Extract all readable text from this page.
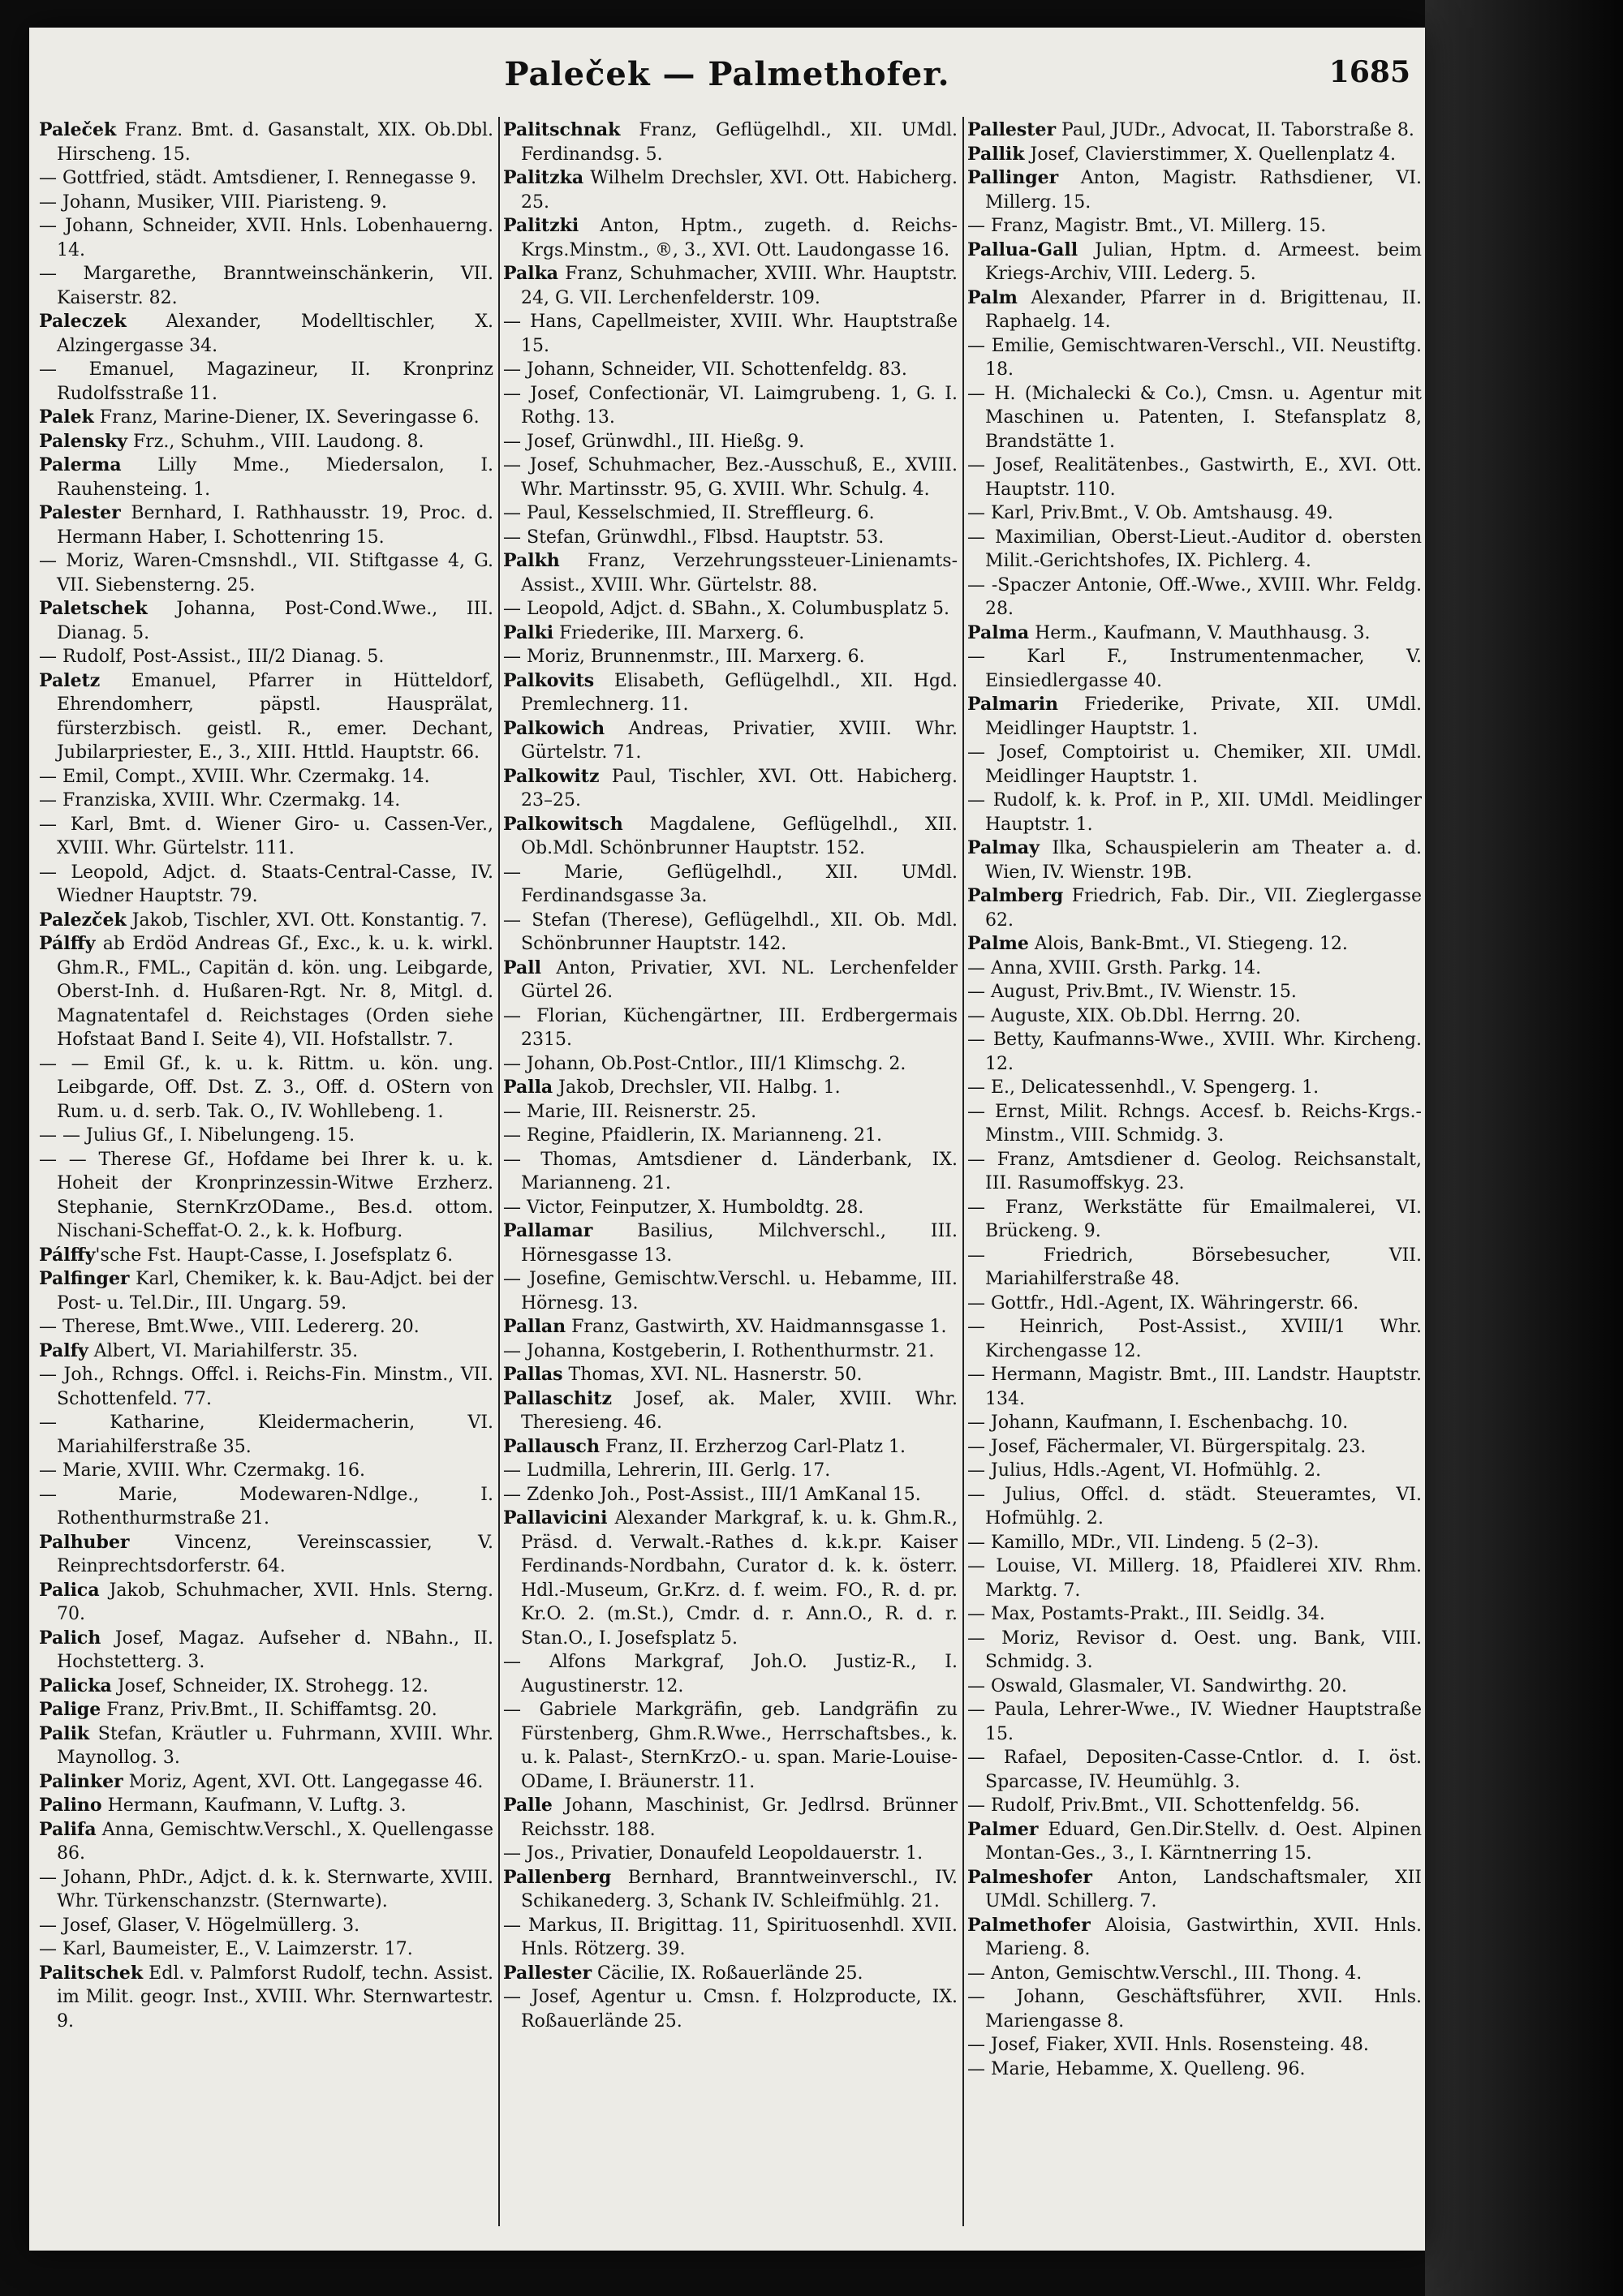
Paleček — Palmethofer.	1685

Paleček Franz. Bmt. d. Gasanstalt, XIX. Ob.Dbl. Hirscheng. 15.

— Gottfried, städt. Amtsdiener, I. Rennegasse 9.

— Johann, Musiker, VIII. Piaristeng. 9.

— Johann, Schneider, XVII. Hnls. Lobenhauerng. 14.

— Margarethe, Branntweinschänkerin, VII. Kaiserstr. 82.

Paleczek Alexander, Modelltischler, X. Alzingergasse 34.

— Emanuel, Magazineur, II. Kronprinz Rudolfsstraße 11.

Palek Franz, Marine-Diener, IX. Severingasse 6.

Palensky Frz., Schuhm., VIII. Laudong. 8.

Palerma Lilly Mme., Miedersalon, I. Rauhensteing. 1.

Palester Bernhard, I. Rathhausstr. 19, Proc. d. Hermann Haber, I. Schottenring 15.

— Moriz, Waren-Cmsnshdl., VII. Stiftgasse 4, G. VII. Siebensterng. 25.

Paletschek Johanna, Post-Cond.Wwe., III. Dianag. 5.

— Rudolf, Post-Assist., III/2 Dianag. 5.

Paletz Emanuel, Pfarrer in Hütteldorf, Ehrendomherr, päpstl. Hausprälat, fürsterzbisch. geistl. R., emer. Dechant, Jubilarpriester, E., 3., XIII. Httld. Hauptstr. 66.

— Emil, Compt., XVIII. Whr. Czermakg. 14.

— Franziska, XVIII. Whr. Czermakg. 14.

— Karl, Bmt. d. Wiener Giro- u. Cassen-Ver., XVIII. Whr. Gürtelstr. 111.

— Leopold, Adjct. d. Staats-Central-Casse, IV. Wiedner Hauptstr. 79.

Palezček Jakob, Tischler, XVI. Ott. Konstantig. 7.

Pálffy ab Erdöd Andreas Gf., Exc., k. u. k. wirkl. Ghm.R., FML., Capitän d. kön. ung. Leibgarde, Oberst-Inh. d. Hußaren-Rgt. Nr. 8, Mitgl. d. Magnatentafel d. Reichstages (Orden siehe Hofstaat Band I. Seite 4), VII. Hofstallstr. 7.

— — Emil Gf., k. u. k. Rittm. u. kön. ung. Leibgarde, Off. Dst. Z. 3., Off. d. OStern von Rum. u. d. serb. Tak. O., IV. Wohllebeng. 1.

— — Julius Gf., I. Nibelungeng. 15.

— — Therese Gf., Hofdame bei Ihrer k. u. k. Hoheit der Kronprinzessin-Witwe Erzherz. Stephanie, SternKrzODame., Bes.d. ottom. Nischani-Scheffat-O. 2., k. k. Hofburg.

Pálffy'sche Fst. Haupt-Casse, I. Josefsplatz 6.

Palfinger Karl, Chemiker, k. k. Bau-Adjct. bei der Post- u. Tel.Dir., III. Ungarg. 59.

— Therese, Bmt.Wwe., VIII. Ledererg. 20.

Palfy Albert, VI. Mariahilferstr. 35.

— Joh., Rchngs. Offcl. i. Reichs-Fin. Minstm., VII. Schottenfeld. 77.

— Katharine, Kleidermacherin, VI. Mariahilferstraße 35.

— Marie, XVIII. Whr. Czermakg. 16.

— Marie, Modewaren-Ndlge., I. Rothenthurmstraße 21.

Palhuber Vincenz, Vereinscassier, V. Reinprechtsdorferstr. 64.

Palica Jakob, Schuhmacher, XVII. Hnls. Sterng. 70.

Palich Josef, Magaz. Aufseher d. NBahn., II. Hochstetterg. 3.

Palicka Josef, Schneider, IX. Strohegg. 12.

Palige Franz, Priv.Bmt., II. Schiffamtsg. 20.

Palik Stefan, Kräutler u. Fuhrmann, XVIII. Whr. Maynollog. 3.

Palinker Moriz, Agent, XVI. Ott. Langegasse 46.

Palino Hermann, Kaufmann, V. Luftg. 3.

Palifa Anna, Gemischtw.Verschl., X. Quellengasse 86.

— Johann, PhDr., Adjct. d. k. k. Sternwarte, XVIII. Whr. Türkenschanzstr. (Sternwarte).

— Josef, Glaser, V. Högelmüllerg. 3.

— Karl, Baumeister, E., V. Laimzerstr. 17.

Palitschek Edl. v. Palmforst Rudolf, techn. Assist. im Milit. geogr. Inst., XVIII. Whr. Sternwartestr. 9.

Palitschnak Franz, Geflügelhdl., XII. UMdl. Ferdinandsg. 5.

Palitzka Wilhelm Drechsler, XVI. Ott. Habicherg. 25.

Palitzki Anton, Hptm., zugeth. d. Reichs-Krgs.Minstm., ®, 3., XVI. Ott. Laudongasse 16.

Palka Franz, Schuhmacher, XVIII. Whr. Hauptstr. 24, G. VII. Lerchenfelderstr. 109.

— Hans, Capellmeister, XVIII. Whr. Hauptstraße 15.

— Johann, Schneider, VII. Schottenfeldg. 83.

— Josef, Confectionär, VI. Laimgrubeng. 1, G. I. Rothg. 13.

— Josef, Grünwdhl., III. Hießg. 9.

— Josef, Schuhmacher, Bez.-Ausschuß, E., XVIII. Whr. Martinsstr. 95, G. XVIII. Whr. Schulg. 4.

— Paul, Kesselschmied, II. Streffleurg. 6.

— Stefan, Grünwdhl., Flbsd. Hauptstr. 53.

Palkh Franz, Verzehrungssteuer-Linienamts-Assist., XVIII. Whr. Gürtelstr. 88.

— Leopold, Adjct. d. SBahn., X. Columbusplatz 5.

Palki Friederike, III. Marxerg. 6.

— Moriz, Brunnenmstr., III. Marxerg. 6.

Palkovits Elisabeth, Geflügelhdl., XII. Hgd. Premlechnerg. 11.

Palkowich Andreas, Privatier, XVIII. Whr. Gürtelstr. 71.

Palkowitz Paul, Tischler, XVI. Ott. Habicherg. 23–25.

Palkowitsch Magdalene, Geflügelhdl., XII. Ob.Mdl. Schönbrunner Hauptstr. 152.

— Marie, Geflügelhdl., XII. UMdl. Ferdinandsgasse 3a.

— Stefan (Therese), Geflügelhdl., XII. Ob. Mdl. Schönbrunner Hauptstr. 142.

Pall Anton, Privatier, XVI. NL. Lerchenfelder Gürtel 26.

— Florian, Küchengärtner, III. Erdbergermais 2315.

— Johann, Ob.Post-Cntlor., III/1 Klimschg. 2.

Palla Jakob, Drechsler, VII. Halbg. 1.

— Marie, III. Reisnerstr. 25.

— Regine, Pfaidlerin, IX. Marianneng. 21.

— Thomas, Amtsdiener d. Länderbank, IX. Marianneng. 21.

— Victor, Feinputzer, X. Humboldtg. 28.

Pallamar Basilius, Milchverschl., III. Hörnesgasse 13.

— Josefine, Gemischtw.Verschl. u. Hebamme, III. Hörnesg. 13.

Pallan Franz, Gastwirth, XV. Haidmannsgasse 1.

— Johanna, Kostgeberin, I. Rothenthurmstr. 21.

Pallas Thomas, XVI. NL. Hasnerstr. 50.

Pallaschitz Josef, ak. Maler, XVIII. Whr. Theresieng. 46.

Pallausch Franz, II. Erzherzog Carl-Platz 1.

— Ludmilla, Lehrerin, III. Gerlg. 17.

— Zdenko Joh., Post-Assist., III/1 AmKanal 15.

Pallavicini Alexander Markgraf, k. u. k. Ghm.R., Präsd. d. Verwalt.-Rathes d. k.k.pr. Kaiser Ferdinands-Nordbahn, Curator d. k. k. österr. Hdl.-Museum, Gr.Krz. d. f. weim. FO., R. d. pr. Kr.O. 2. (m.St.), Cmdr. d. r. Ann.O., R. d. r. Stan.O., I. Josefsplatz 5.

— Alfons Markgraf, Joh.O. Justiz-R., I. Augustinerstr. 12.

— Gabriele Markgräfin, geb. Landgräfin zu Fürstenberg, Ghm.R.Wwe., Herrschaftsbes., k. u. k. Palast-, SternKrzO.- u. span. Marie-Louise-ODame, I. Bräunerstr. 11.

Palle Johann, Maschinist, Gr. Jedlrsd. Brünner Reichsstr. 188.

— Jos., Privatier, Donaufeld Leopoldauerstr. 1.

Pallenberg Bernhard, Branntweinverschl., IV. Schikanederg. 3, Schank IV. Schleifmühlg. 21.

— Markus, II. Brigittag. 11, Spirituosenhdl. XVII. Hnls. Rötzerg. 39.

Pallester Cäcilie, IX. Roßauerlände 25.

— Josef, Agentur u. Cmsn. f. Holzproducte, IX. Roßauerlände 25.

Pallester Paul, JUDr., Advocat, II. Taborstraße 8.

Pallik Josef, Clavierstimmer, X. Quellenplatz 4.

Pallinger Anton, Magistr. Rathsdiener, VI. Millerg. 15.

— Franz, Magistr. Bmt., VI. Millerg. 15.

Pallua-Gall Julian, Hptm. d. Armeest. beim Kriegs-Archiv, VIII. Lederg. 5.

Palm Alexander, Pfarrer in d. Brigittenau, II. Raphaelg. 14.

— Emilie, Gemischtwaren-Verschl., VII. Neustiftg. 18.

— H. (Michalecki & Co.), Cmsn. u. Agentur mit Maschinen u. Patenten, I. Stefansplatz 8, Brandstätte 1.

— Josef, Realitätenbes., Gastwirth, E., XVI. Ott. Hauptstr. 110.

— Karl, Priv.Bmt., V. Ob. Amtshausg. 49.

— Maximilian, Oberst-Lieut.-Auditor d. obersten Milit.-Gerichtshofes, IX. Pichlerg. 4.

— -Spaczer Antonie, Off.-Wwe., XVIII. Whr. Feldg. 28.

Palma Herm., Kaufmann, V. Mauthhausg. 3.

— Karl F., Instrumentenmacher, V. Einsiedlergasse 40.

Palmarin Friederike, Private, XII. UMdl. Meidlinger Hauptstr. 1.

— Josef, Comptoirist u. Chemiker, XII. UMdl. Meidlinger Hauptstr. 1.

— Rudolf, k. k. Prof. in P., XII. UMdl. Meidlinger Hauptstr. 1.

Palmay Ilka, Schauspielerin am Theater a. d. Wien, IV. Wienstr. 19B.

Palmberg Friedrich, Fab. Dir., VII. Zieglergasse 62.

Palme Alois, Bank-Bmt., VI. Stiegeng. 12.

— Anna, XVIII. Grsth. Parkg. 14.

— August, Priv.Bmt., IV. Wienstr. 15.

— Auguste, XIX. Ob.Dbl. Herrng. 20.

— Betty, Kaufmanns-Wwe., XVIII. Whr. Kircheng. 12.

— E., Delicatessenhdl., V. Spengerg. 1.

— Ernst, Milit. Rchngs. Accesf. b. Reichs-Krgs.-Minstm., VIII. Schmidg. 3.

— Franz, Amtsdiener d. Geolog. Reichsanstalt, III. Rasumoffskyg. 23.

— Franz, Werkstätte für Emailmalerei, VI. Brückeng. 9.

— Friedrich, Börsebesucher, VII. Mariahilferstraße 48.

— Gottfr., Hdl.-Agent, IX. Währingerstr. 66.

— Heinrich, Post-Assist., XVIII/1 Whr. Kirchengasse 12.

— Hermann, Magistr. Bmt., III. Landstr. Hauptstr. 134.

— Johann, Kaufmann, I. Eschenbachg. 10.

— Josef, Fächermaler, VI. Bürgerspitalg. 23.

— Julius, Hdls.-Agent, VI. Hofmühlg. 2.

— Julius, Offcl. d. städt. Steueramtes, VI. Hofmühlg. 2.

— Kamillo, MDr., VII. Lindeng. 5 (2–3).

— Louise, VI. Millerg. 18, Pfaidlerei XIV. Rhm. Marktg. 7.

— Max, Postamts-Prakt., III. Seidlg. 34.

— Moriz, Revisor d. Oest. ung. Bank, VIII. Schmidg. 3.

— Oswald, Glasmaler, VI. Sandwirthg. 20.

— Paula, Lehrer-Wwe., IV. Wiedner Hauptstraße 15.

— Rafael, Depositen-Casse-Cntlor. d. I. öst. Sparcasse, IV. Heumühlg. 3.

— Rudolf, Priv.Bmt., VII. Schottenfeldg. 56.

Palmer Eduard, Gen.Dir.Stellv. d. Oest. Alpinen Montan-Ges., 3., I. Kärntnerring 15.

Palmeshofer Anton, Landschaftsmaler, XII UMdl. Schillerg. 7.

Palmethofer Aloisia, Gastwirthin, XVII. Hnls. Marieng. 8.

— Anton, Gemischtw.Verschl., III. Thong. 4.

— Johann, Geschäftsführer, XVII. Hnls. Mariengasse 8.

— Josef, Fiaker, XVII. Hnls. Rosensteing. 48.

— Marie, Hebamme, X. Quelleng. 96.
